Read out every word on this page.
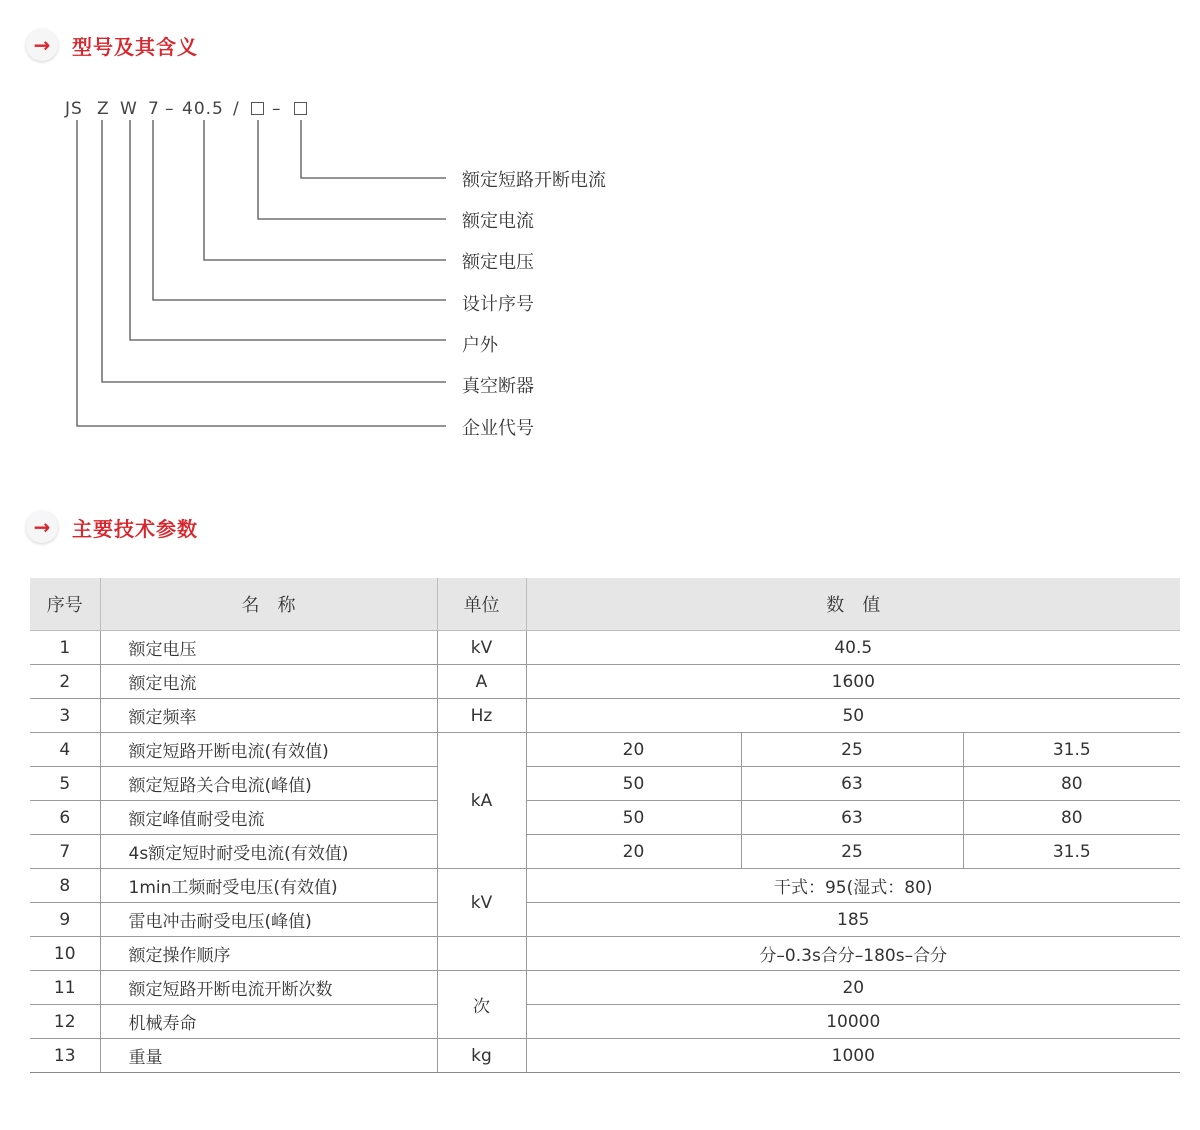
→	型号及其含义
JS Z W 7 – 40.5 / –
额定短路开断电流
额定电流
额定电压
设计序号
户外
真空断器
企业代号
→	主要技术参数
序号	名　称	单位	数　值		
1	额定电压	kV	40.5		
2	额定电流	A	1600		
3	额定频率	Hz	50		
4	额定短路开断电流(有效值)	kA	20	25	31.5
5	额定短路关合电流(峰值)		50	63	80
6	额定峰值耐受电流		50	63	80
7	4s额定短时耐受电流(有效值)		20	25	31.5
8	1min工频耐受电压(有效值)	kV	干式：95(湿式：80)		
9	雷电冲击耐受电压(峰值)		185		
10	额定操作顺序		分–0.3s合分–180s–合分		
11	额定短路开断电流开断次数	次	20		
12	机械寿命		10000		
13	重量	kg	1000		
